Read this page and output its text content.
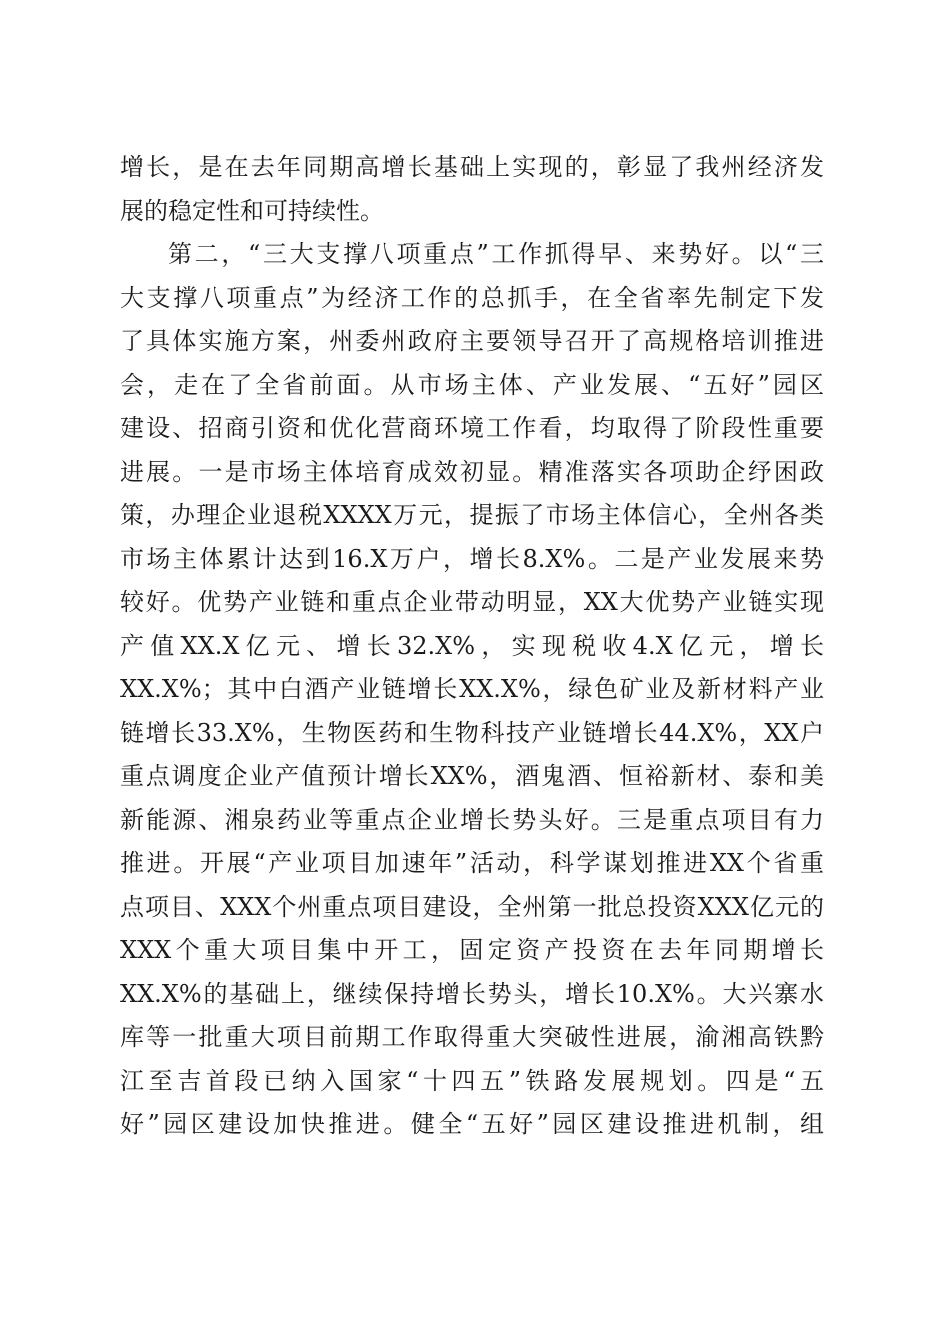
增长，是在去年同期高增长基础上实现的，彰显了我州经济发
展的稳定性和可持续性。
第二，“三大支撑八项重点”工作抓得早、来势好。以“三
大支撑八项重点”为经济工作的总抓手，在全省率先制定下发
了具体实施方案，州委州政府主要领导召开了高规格培训推进
会，走在了全省前面。从市场主体、产业发展、“五好”园区
建设、招商引资和优化营商环境工作看，均取得了阶段性重要
进展。一是市场主体培育成效初显。精准落实各项助企纾困政
策，办理企业退税XXXX万元，提振了市场主体信心，全州各类
市场主体累计达到16.X万户，增长8.X%。二是产业发展来势
较好。优势产业链和重点企业带动明显，XX大优势产业链实现
产值XX.X亿元、增长32.X%，实现税收4.X亿元，增长
XX.X%；其中白酒产业链增长XX.X%，绿色矿业及新材料产业
链增长33.X%，生物医药和生物科技产业链增长44.X%，XX户
重点调度企业产值预计增长XX%，酒鬼酒、恒裕新材、泰和美
新能源、湘泉药业等重点企业增长势头好。三是重点项目有力
推进。开展“产业项目加速年”活动，科学谋划推进XX个省重
点项目、XXX个州重点项目建设，全州第一批总投资XXX亿元的
XXX个重大项目集中开工，固定资产投资在去年同期增长
XX.X%的基础上，继续保持增长势头，增长10.X%。大兴寨水
库等一批重大项目前期工作取得重大突破性进展，渝湘高铁黔
江至吉首段已纳入国家“十四五”铁路发展规划。四是“五
好”园区建设加快推进。健全“五好”园区建设推进机制，组
